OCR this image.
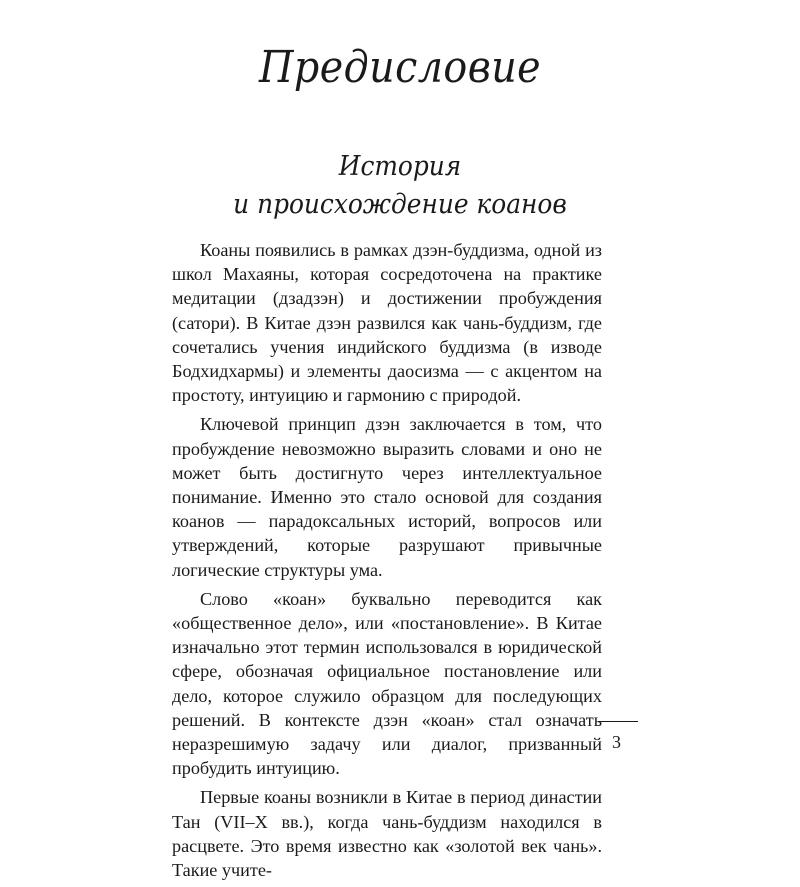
Предисловие
История
и происхождение коанов

Коаны появились в рамках дзэн-буддизма, одной из школ Махаяны, которая сосредоточена на практике медитации (дзадзэн) и достижении пробуждения (сатори). В Китае дзэн развился как чань-буддизм, где сочетались учения индийского буддизма (в изводе Бодхидхармы) и элементы даосизма — с акцентом на простоту, интуицию и гармонию с природой.

Ключевой принцип дзэн заключается в том, что пробуждение невозможно выразить словами и оно не может быть достигнуто через интеллектуальное понимание. Именно это стало основой для создания коанов — парадоксальных историй, вопросов или утверждений, которые разрушают привычные логические структуры ума.

Слово «коан» буквально переводится как «общественное дело», или «постановление». В Китае изначально этот термин использовался в юридической сфере, обозначая официальное постановление или дело, которое служило образцом для последующих решений. В контексте дзэн «коан» стал означать неразрешимую задачу или диалог, призванный пробудить интуицию.

Первые коаны возникли в Китае в период династии Тан (VII–X вв.), когда чань-буддизм находился в расцвете. Это время известно как «золотой век чань». Такие учите-

3
